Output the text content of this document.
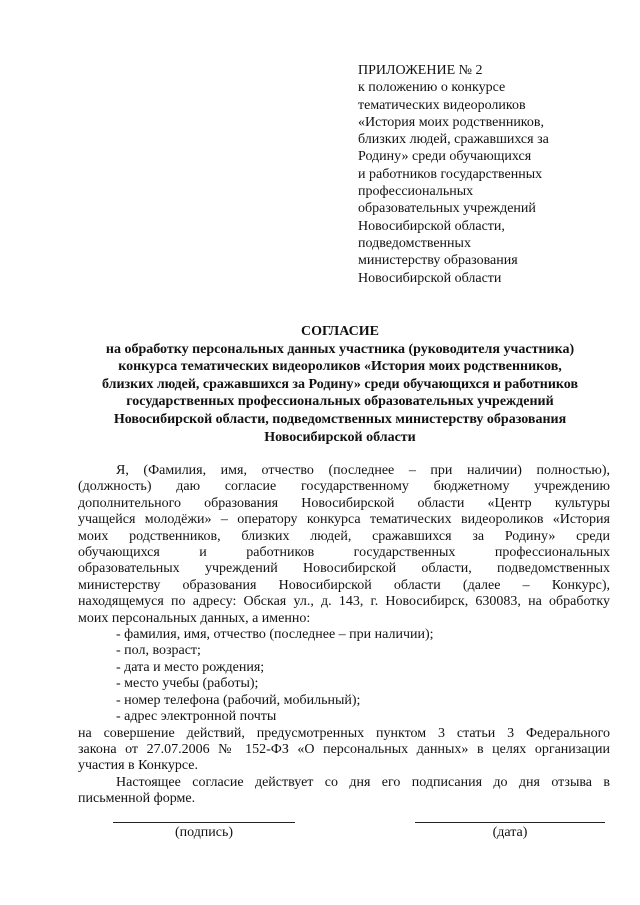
ПРИЛОЖЕНИЕ № 2
к положению о конкурсе
тематических видеороликов
«История моих родственников,
близких людей, сражавшихся за
Родину» среди обучающихся
и работников государственных
профессиональных
образовательных учреждений
Новосибирской области,
подведомственных
министерству образования
Новосибирской области
СОГЛАСИЕ
на обработку персональных данных участника (руководителя участника)
конкурса тематических видеороликов «История моих родственников,
близких людей, сражавшихся за Родину» среди обучающихся и работников
государственных профессиональных образовательных учреждений
Новосибирской области, подведомственных министерству образования
Новосибирской области
Я, (Фамилия, имя, отчество (последнее – при наличии) полностью),
(должность) даю согласие государственному бюджетному учреждению
дополнительного образования Новосибирской области «Центр культуры
учащейся молодёжи» – оператору конкурса тематических видеороликов «История
моих родственников, близких людей, сражавшихся за Родину» среди
обучающихся и работников государственных профессиональных
образовательных учреждений Новосибирской области, подведомственных
министерству образования Новосибирской области (далее – Конкурс),
находящемуся по адресу: Обская ул., д. 143, г. Новосибирск, 630083, на обработку
моих персональных данных, а именно:
- фамилия, имя, отчество (последнее – при наличии);
- пол, возраст;
- дата и место рождения;
- место учебы (работы);
- номер телефона (рабочий, мобильный);
- адрес электронной почты
на совершение действий, предусмотренных пунктом 3 статьи 3 Федерального
закона от 27.07.2006 № 152-ФЗ «О персональных данных» в целях организации
участия в Конкурсе.
Настоящее согласие действует со дня его подписания до дня отзыва в
письменной форме.
(подпись)	(дата)
